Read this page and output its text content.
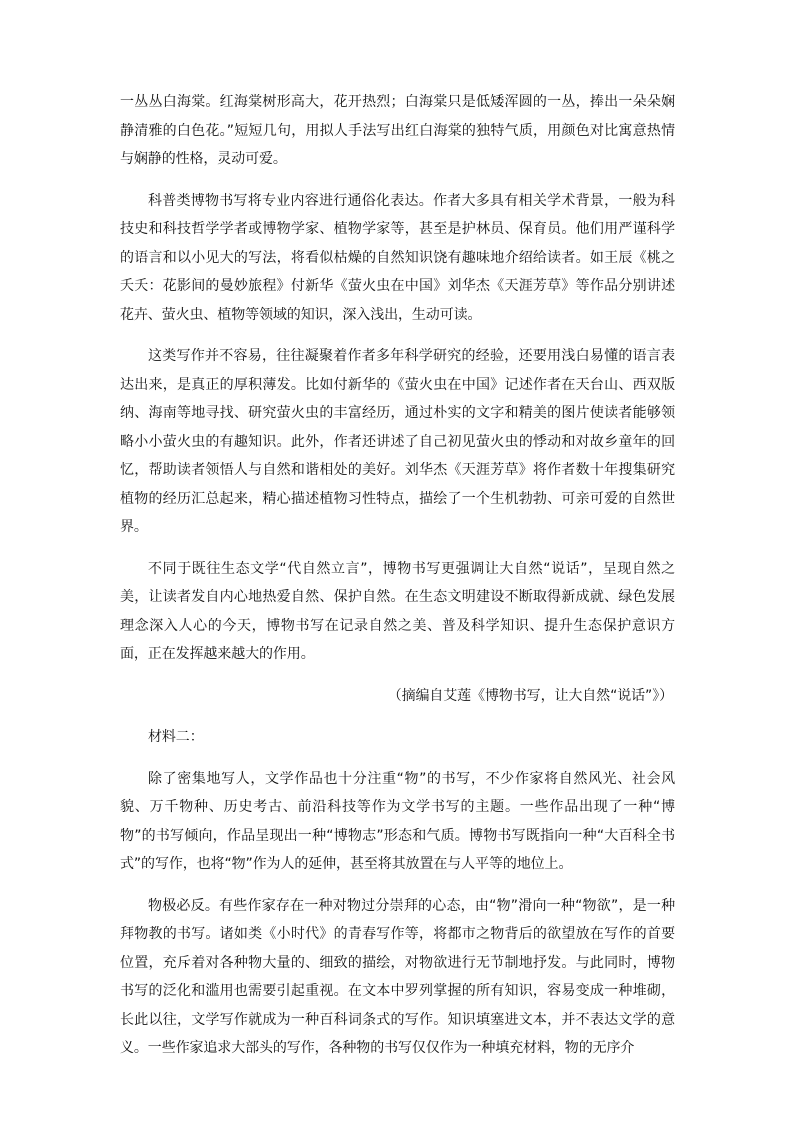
一丛丛白海棠。红海棠树形高大，花开热烈；白海棠只是低矮浑圆的一丛，捧出一朵朵娴静清雅的白色花。”短短几句，用拟人手法写出红白海棠的独特气质，用颜色对比寓意热情与娴静的性格，灵动可爱。

科普类博物书写将专业内容进行通俗化表达。作者大多具有相关学术背景，一般为科技史和科技哲学学者或博物学家、植物学家等，甚至是护林员、保育员。他们用严谨科学的语言和以小见大的写法，将看似枯燥的自然知识饶有趣味地介绍给读者。如王辰《桃之夭夭：花影间的曼妙旅程》付新华《萤火虫在中国》刘华杰《天涯芳草》等作品分别讲述花卉、萤火虫、植物等领域的知识，深入浅出，生动可读。

这类写作并不容易，往往凝聚着作者多年科学研究的经验，还要用浅白易懂的语言表达出来，是真正的厚积薄发。比如付新华的《萤火虫在中国》记述作者在天台山、西双版纳、海南等地寻找、研究萤火虫的丰富经历，通过朴实的文字和精美的图片使读者能够领略小小萤火虫的有趣知识。此外，作者还讲述了自己初见萤火虫的悸动和对故乡童年的回忆，帮助读者领悟人与自然和谐相处的美好。刘华杰《天涯芳草》将作者数十年搜集研究植物的经历汇总起来，精心描述植物习性特点，描绘了一个生机勃勃、可亲可爱的自然世界。

不同于既往生态文学“代自然立言”，博物书写更强调让大自然“说话”，呈现自然之美，让读者发自内心地热爱自然、保护自然。在生态文明建设不断取得新成就、绿色发展理念深入人心的今天，博物书写在记录自然之美、普及科学知识、提升生态保护意识方面，正在发挥越来越大的作用。

（摘编自艾莲《博物书写，让大自然“说话”》）

材料二：

除了密集地写人，文学作品也十分注重“物”的书写，不少作家将自然风光、社会风貌、万千物种、历史考古、前沿科技等作为文学书写的主题。一些作品出现了一种“博物”的书写倾向，作品呈现出一种“博物志”形态和气质。博物书写既指向一种“大百科全书式”的写作，也将“物”作为人的延伸，甚至将其放置在与人平等的地位上。

物极必反。有些作家存在一种对物过分崇拜的心态，由“物”滑向一种“物欲”，是一种拜物教的书写。诸如类《小时代》的青春写作等，将都市之物背后的欲望放在写作的首要位置，充斥着对各种物大量的、细致的描绘，对物欲进行无节制地抒发。与此同时，博物书写的泛化和滥用也需要引起重视。在文本中罗列掌握的所有知识，容易变成一种堆砌，长此以往，文学写作就成为一种百科词条式的写作。知识填塞进文本，并不表达文学的意义。一些作家追求大部头的写作，各种物的书写仅仅作为一种填充材料，物的无序介
